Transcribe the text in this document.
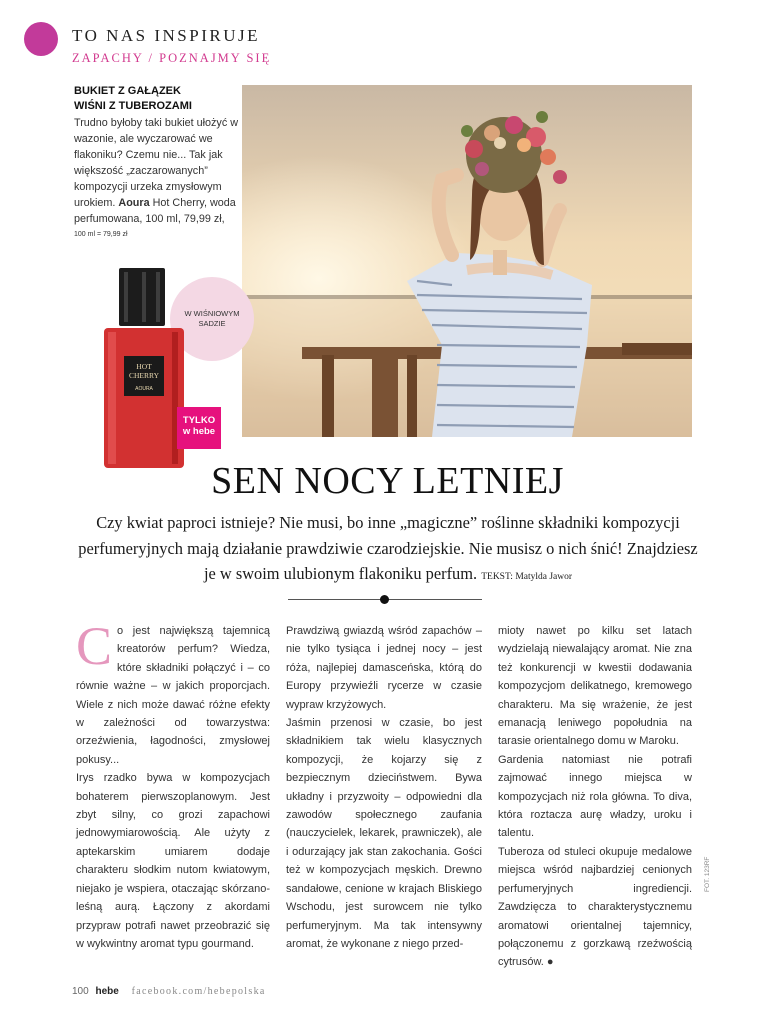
TO NAS INSPIRUJE
ZAPACHY / POZNAJMY SIĘ
BUKIET Z GAŁĄZEK
WIŚNI Z TUBEROZAMI
Trudno byłoby taki bukiet ułożyć w wazonie, ale wyczarować we flakoniku? Czemu nie... Tak jak większość „zaczarowanych” kompozycji urzeka zmysłowym urokiem. Aoura Hot Cherry, woda perfumowana, 100 ml, 79,99 zł,
100 ml = 79,99 zł
W WIŚNIOWYM SADZIE
HOT
CHERRY
AOURA
TYLKO
w hebe
SEN NOCY LETNIEJ
Czy kwiat paproci istnieje? Nie musi, bo inne „magiczne” roślinne składniki kompozycji perfumeryjnych mają działanie prawdziwie czarodziejskie. Nie musisz o nich śnić! Znajdziesz je w swoim ulubionym flakoniku perfum. TEKST: Matylda Jawor

Co jest największą tajemnicą kreatorów perfum? Wiedza, które składniki połączyć i – co równie ważne – w jakich proporcjach. Wiele z nich może dawać różne efekty w zależności od towarzystwa: orzeźwienia, łagodności, zmysłowej pokusy...

Irys rzadko bywa w kompozycjach bohaterem pierwszoplanowym. Jest zbyt silny, co grozi zapachowi jednowymiarowością. Ale użyty z aptekarskim umiarem dodaje charakteru słodkim nutom kwiatowym, niejako je wspiera, otaczając skórzano-leśną aurą. Łączony z akordami przypraw potrafi nawet przeobrazić się w wykwintny aromat typu gourmand.

Prawdziwą gwiazdą wśród zapachów – nie tylko tysiąca i jednej nocy – jest róża, najlepiej damasceńska, którą do Europy przywieźli rycerze w czasie wypraw krzyżowych.

Jaśmin przenosi w czasie, bo jest składnikiem tak wielu klasycznych kompozycji, że kojarzy się z bezpiecznym dzieciństwem. Bywa układny i przyzwoity – odpowiedni dla zawodów społecznego zaufania (nauczycielek, lekarek, prawniczek), ale i odurzający jak stan zakochania. Gości też w kompozycjach męskich. Drewno sandałowe, cenione w krajach Bliskiego Wschodu, jest surowcem nie tylko perfumeryjnym. Ma tak intensywny aromat, że wykonane z niego przed-

mioty nawet po kilku set latach wydzielają niewalający aromat. Nie zna też konkurencji w kwestii dodawania kompozycjom delikatnego, kremowego charakteru. Ma się wrażenie, że jest emanacją leniwego popołudnia na tarasie orientalnego domu w Maroku.

Gardenia natomiast nie potrafi zajmować innego miejsca w kompozycjach niż rola główna. To diva, która roztacza aurę władzy, uroku i talentu.

Tuberoza od stuleci okupuje medalowe miejsca wśród najbardziej cenionych perfumeryjnych ingrediencji. Zawdzięcza to charakterystycznemu aromatowi orientalnej tajemnicy, połączonemu z gorzkawą rzeźwością cytrusów. ●

FOT. 123RF
100 hebe facebook.com/hebepolska
